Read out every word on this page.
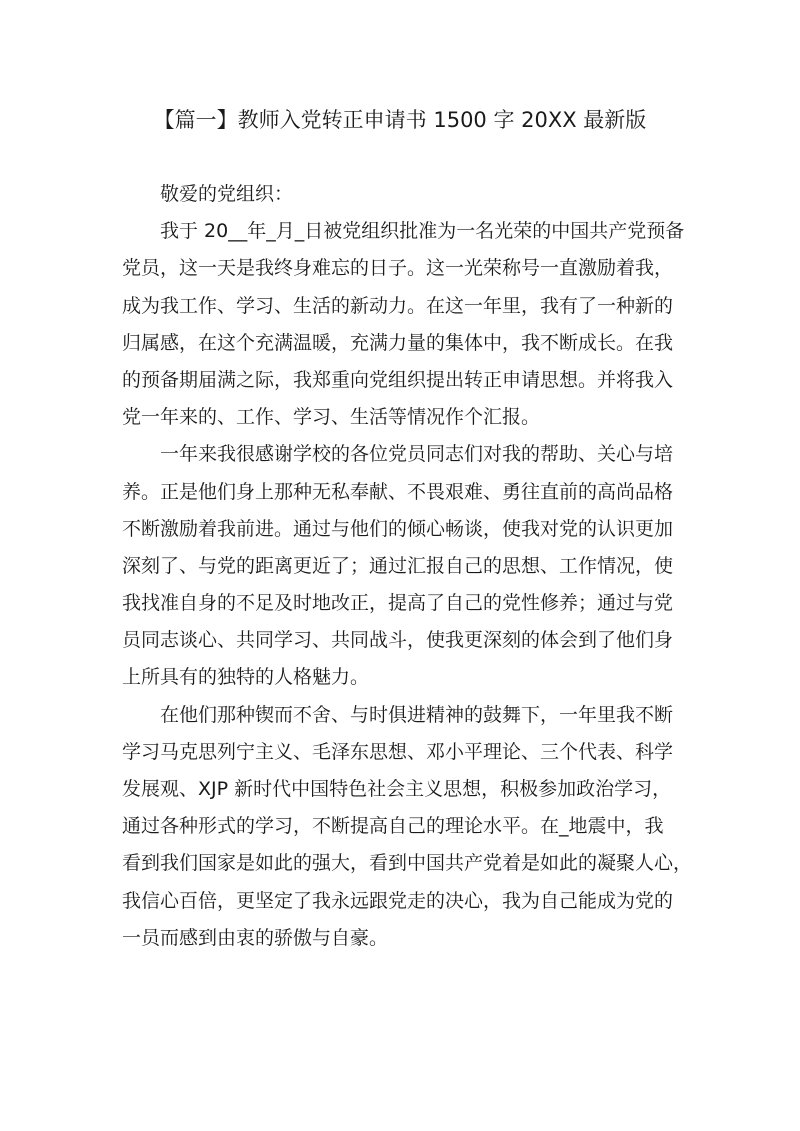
【篇一】教师入党转正申请书 1500 字 20XX 最新版
敬爱的党组织：
我于 20__年_月_日被党组织批准为一名光荣的中国共产党预备
党员，这一天是我终身难忘的日子。这一光荣称号一直激励着我，
成为我工作、学习、生活的新动力。在这一年里，我有了一种新的
归属感，在这个充满温暖，充满力量的集体中，我不断成长。在我
的预备期届满之际，我郑重向党组织提出转正申请思想。并将我入
党一年来的、工作、学习、生活等情况作个汇报。
一年来我很感谢学校的各位党员同志们对我的帮助、关心与培
养。正是他们身上那种无私奉献、不畏艰难、勇往直前的高尚品格
不断激励着我前进。通过与他们的倾心畅谈，使我对党的认识更加
深刻了、与党的距离更近了；通过汇报自己的思想、工作情况，使
我找准自身的不足及时地改正，提高了自己的党性修养；通过与党
员同志谈心、共同学习、共同战斗，使我更深刻的体会到了他们身
上所具有的独特的人格魅力。
在他们那种锲而不舍、与时俱进精神的鼓舞下，一年里我不断
学习马克思列宁主义、毛泽东思想、邓小平理论、三个代表、科学
发展观、XJP 新时代中国特色社会主义思想，积极参加政治学习，
通过各种形式的学习，不断提高自己的理论水平。在_地震中，我
看到我们国家是如此的强大，看到中国共产党着是如此的凝聚人心，
我信心百倍，更坚定了我永远跟党走的决心，我为自己能成为党的
一员而感到由衷的骄傲与自豪。
